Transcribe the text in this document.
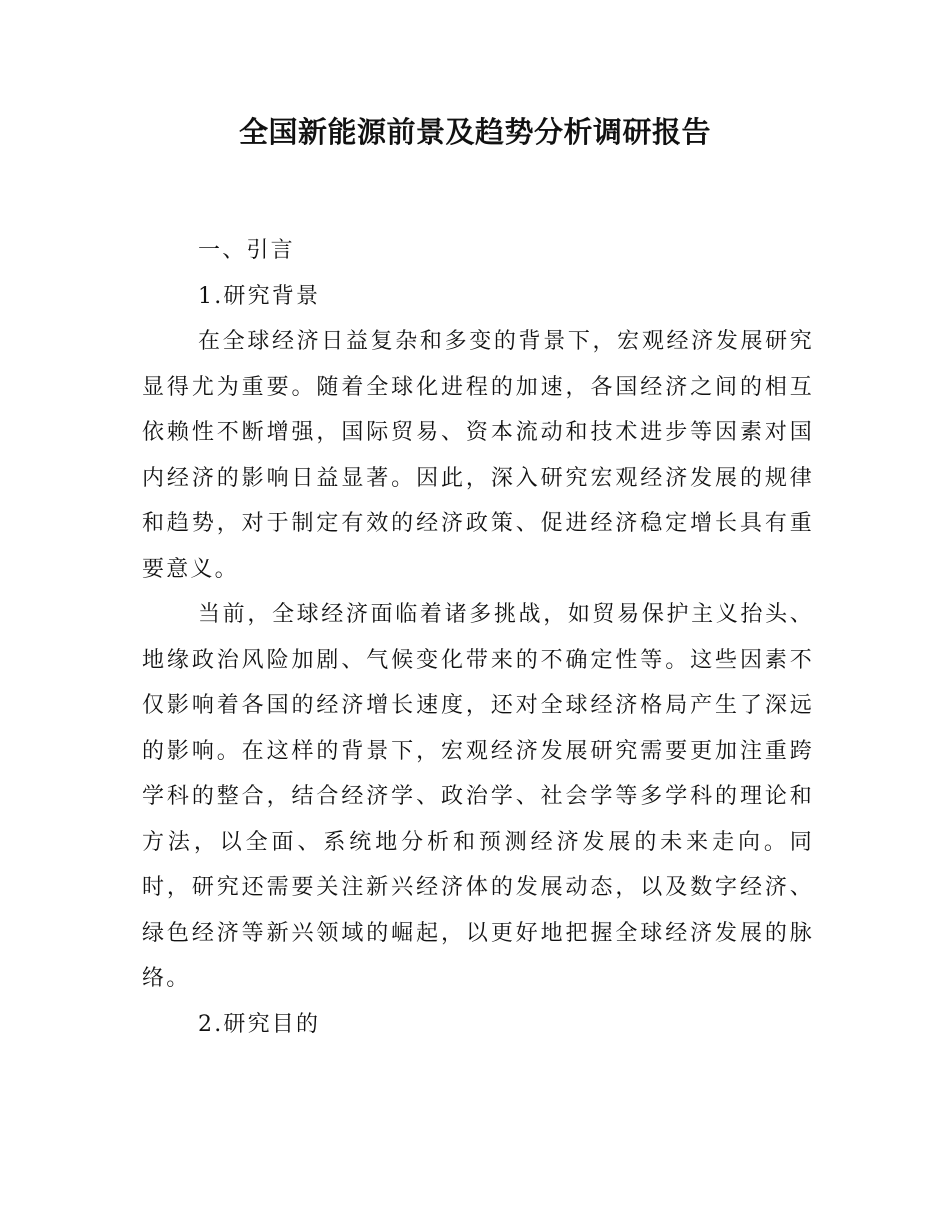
全国新能源前景及趋势分析调研报告

一、引言

1.研究背景

在全球经济日益复杂和多变的背景下，宏观经济发展研究显得尤为重要。随着全球化进程的加速，各国经济之间的相互依赖性不断增强，国际贸易、资本流动和技术进步等因素对国内经济的影响日益显著。因此，深入研究宏观经济发展的规律和趋势，对于制定有效的经济政策、促进经济稳定增长具有重要意义。

当前，全球经济面临着诸多挑战，如贸易保护主义抬头、地缘政治风险加剧、气候变化带来的不确定性等。这些因素不仅影响着各国的经济增长速度，还对全球经济格局产生了深远的影响。在这样的背景下，宏观经济发展研究需要更加注重跨学科的整合，结合经济学、政治学、社会学等多学科的理论和方法，以全面、系统地分析和预测经济发展的未来走向。同时，研究还需要关注新兴经济体的发展动态，以及数字经济、绿色经济等新兴领域的崛起，以更好地把握全球经济发展的脉络。

2.研究目的
